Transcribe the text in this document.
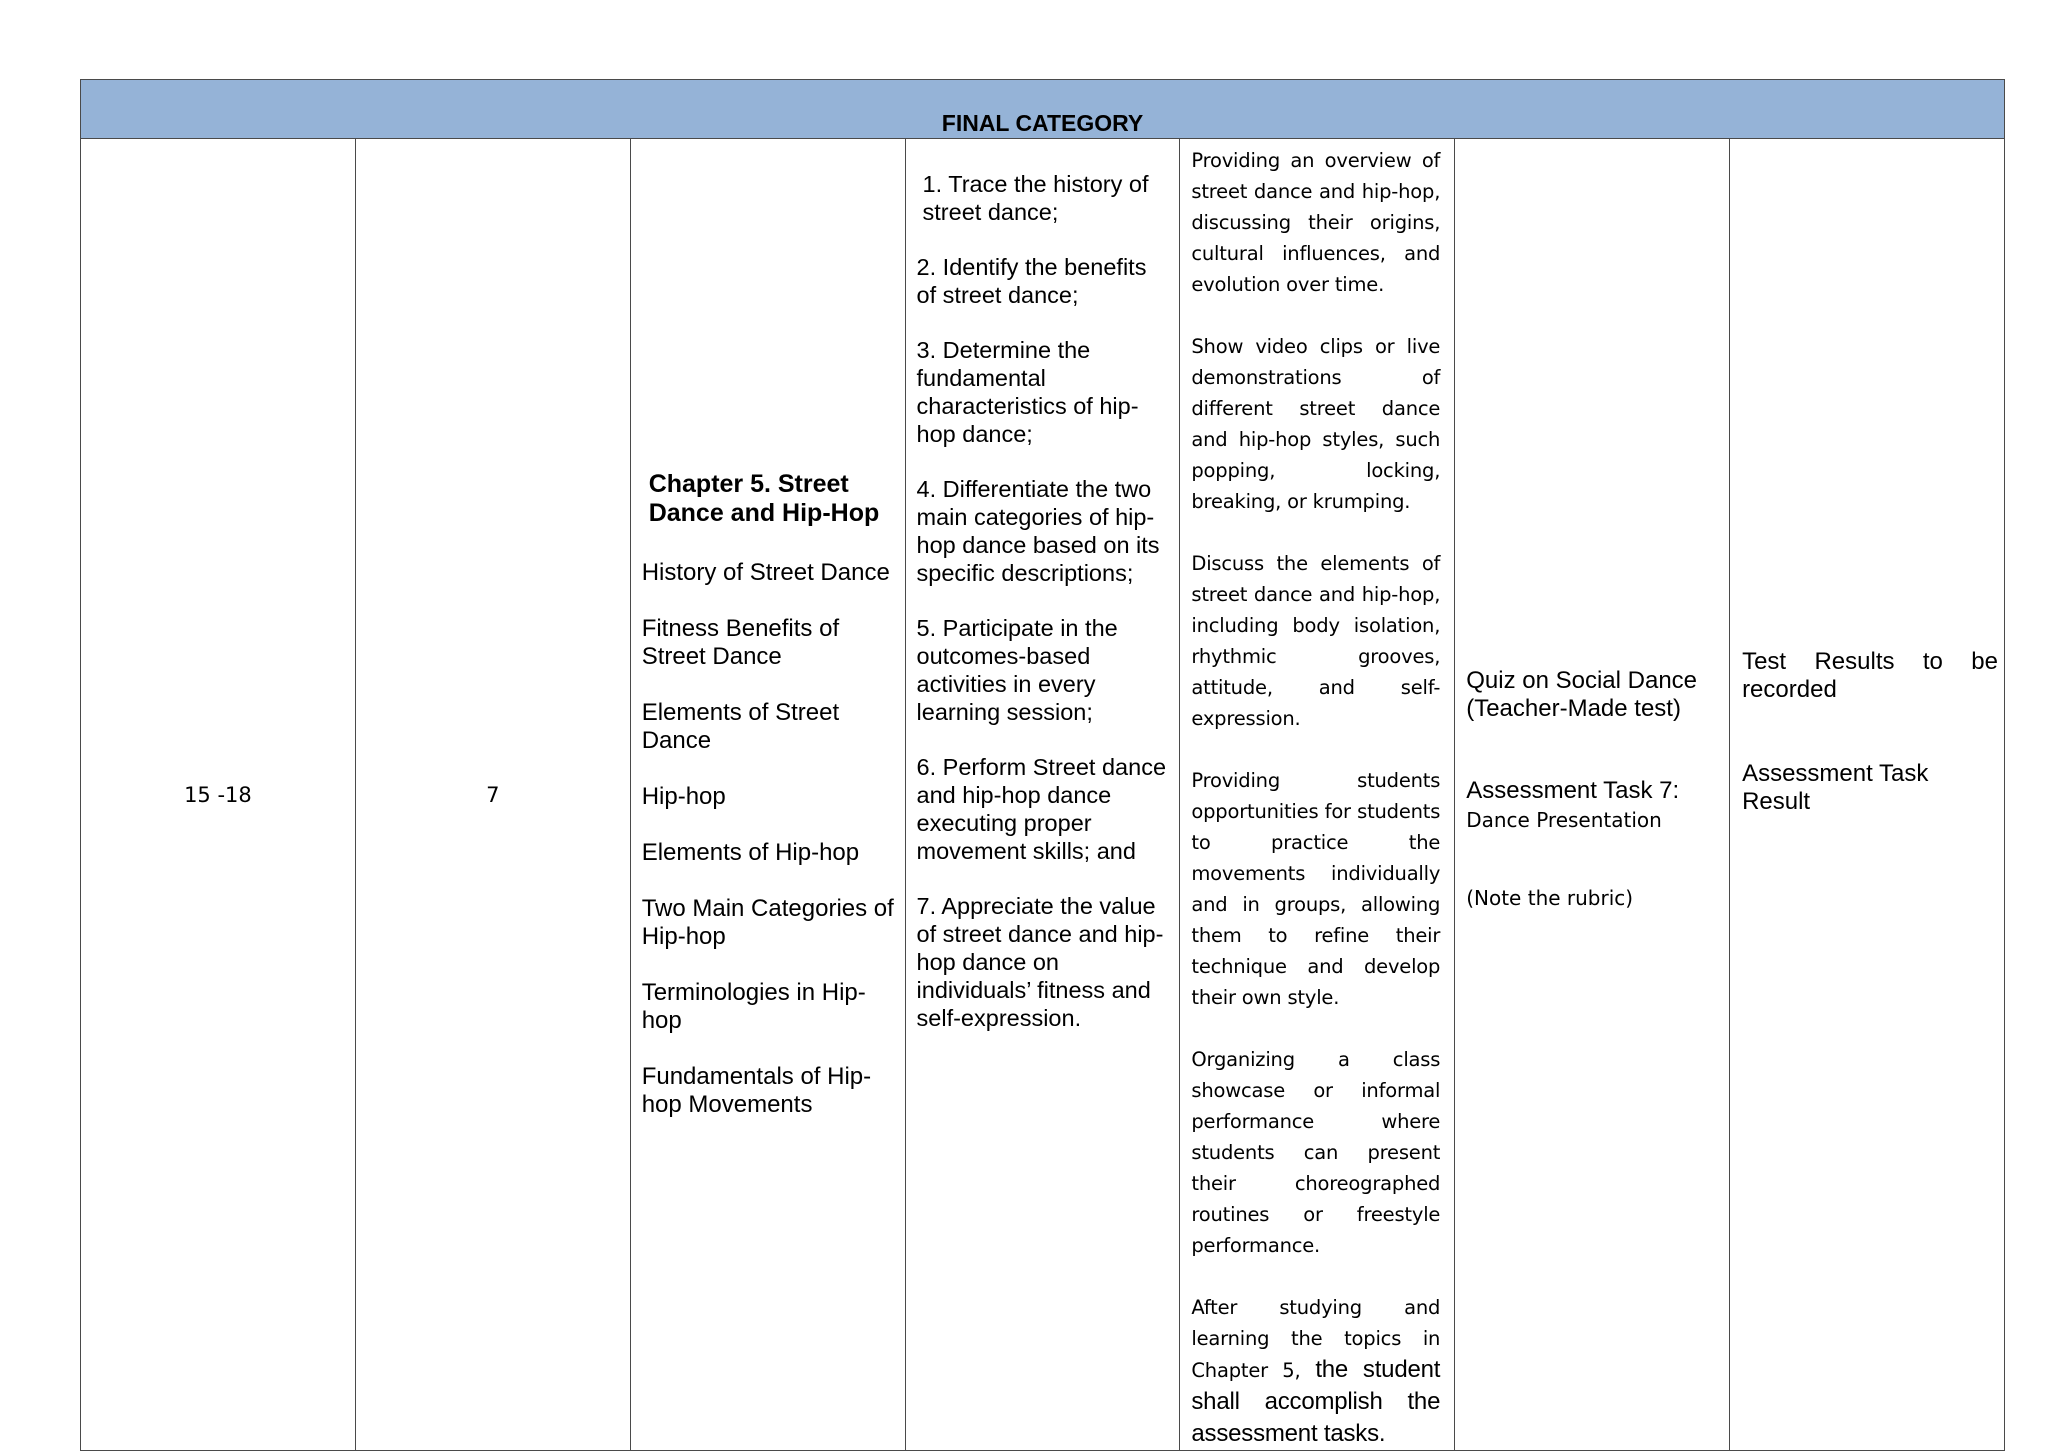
FINAL CATEGORY
15 -18	7	
Chapter 5. Street Dance and Hip-Hop
History of Street Dance
Fitness Benefits of Street Dance
Elements of Street Dance
Hip-hop
Elements of Hip-hop
Two Main Categories of Hip-hop
Terminologies in Hip-hop
Fundamentals of Hip-hop Movements

1. Trace the history of street dance;
2. Identify the benefits of street dance;
3. Determine the fundamental characteristics of hip-hop dance;
4. Differentiate the two main categories of hip-hop dance based on its specific descriptions;
5. Participate in the outcomes-based activities in every learning session;
6. Perform Street dance and hip-hop dance executing proper movement skills; and
7. Appreciate the value of street dance and hip-hop dance on individuals’ fitness and self-expression.

Providing an overview of street dance and hip-hop, discussing their origins, cultural influences, and evolution over time.
Show video clips or live demonstrations of different street dance and hip-hop styles, such popping, locking, breaking, or krumping.
Discuss the elements of street dance and hip-hop, including body isolation, rhythmic grooves, attitude, and self-expression.
Providing students opportunities for students to practice the movements individually and in groups, allowing them to refine their technique and develop their own style.
Organizing a class showcase or informal performance where students can present their choreographed routines or freestyle performance.
After studying and learning the topics in Chapter 5, the student shall accomplish the assessment tasks.

Quiz on Social Dance (Teacher-Made test)
Assessment Task 7:
Dance Presentation
(Note the rubric)

Test Results to be recorded
Assessment Task Result
